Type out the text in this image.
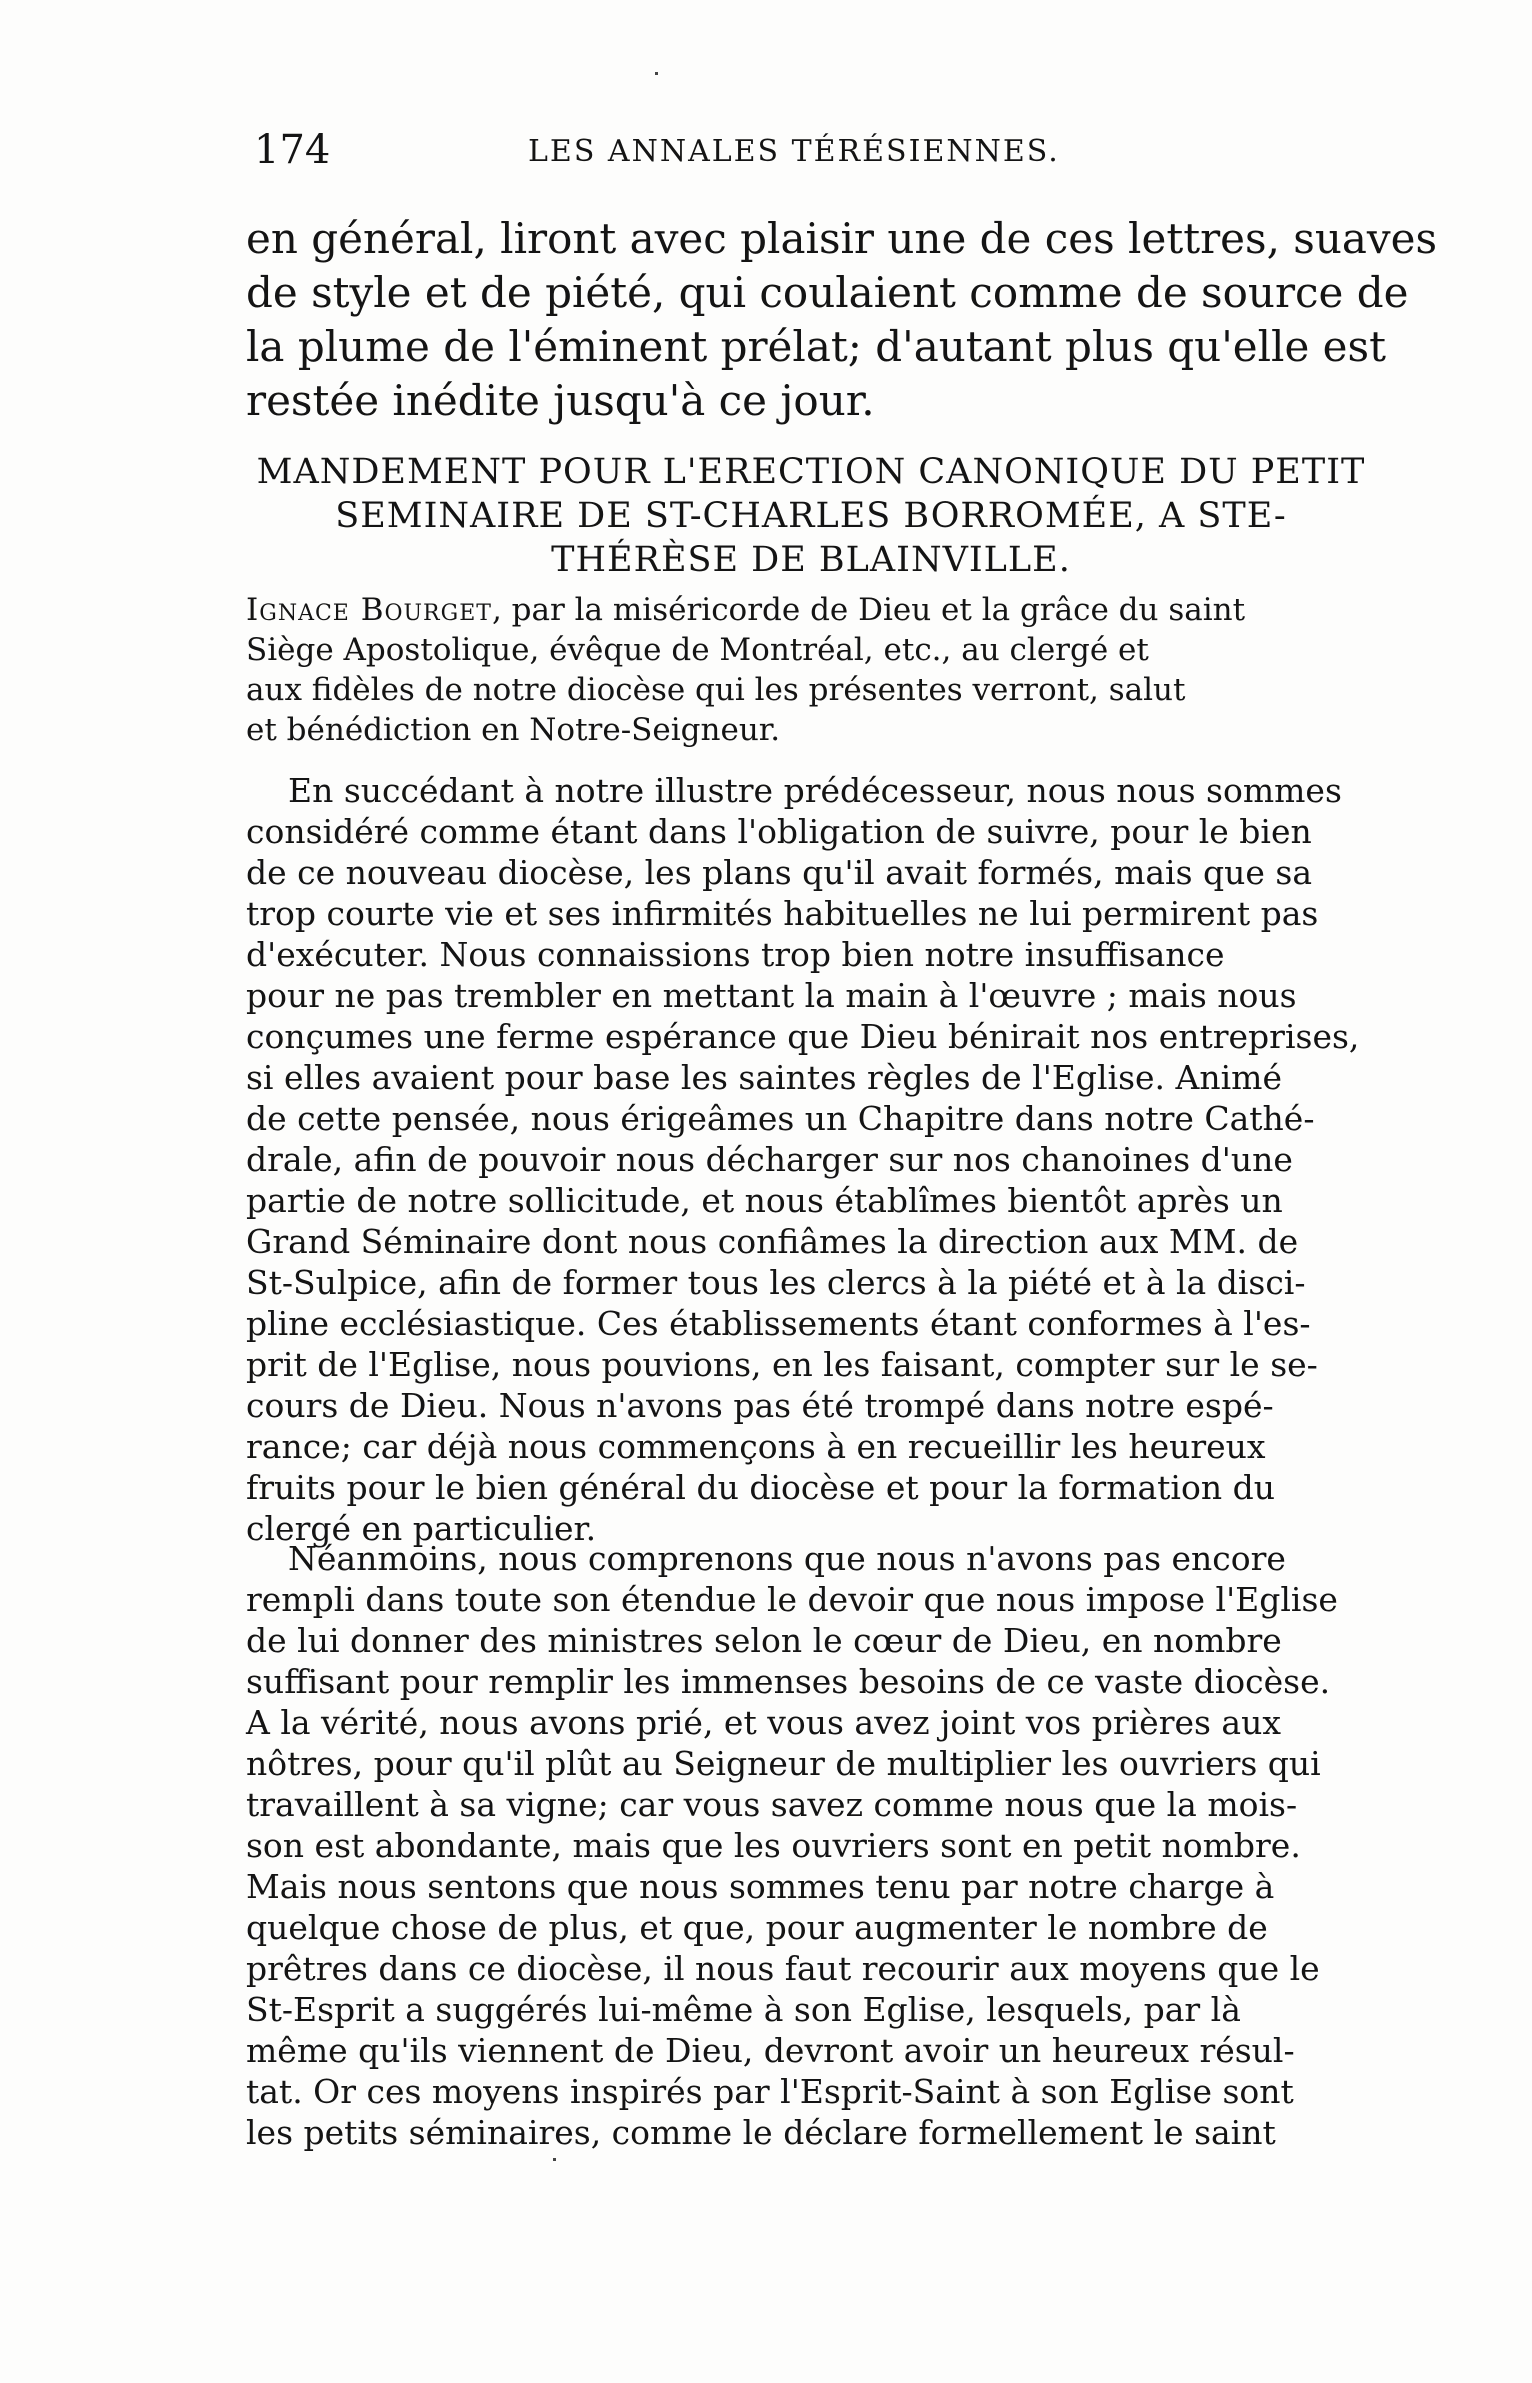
174	LES ANNALES TÉRÉSIENNES.
en général, liront avec plaisir une de ces lettres, suaves
de style et de piété, qui coulaient comme de source de
la plume de l'éminent prélat; d'autant plus qu'elle est
restée inédite jusqu'à ce jour.
MANDEMENT POUR L'ERECTION CANONIQUE DU PETIT
SEMINAIRE DE ST-CHARLES BORROMÉE, A STE-
THÉRÈSE DE BLAINVILLE.
Ignace Bourget, par la miséricorde de Dieu et la grâce du saint
Siège Apostolique, évêque de Montréal, etc., au clergé et
aux fidèles de notre diocèse qui les présentes verront, salut
et bénédiction en Notre-Seigneur.
En succédant à notre illustre prédécesseur, nous nous sommes
considéré comme étant dans l'obligation de suivre, pour le bien
de ce nouveau diocèse, les plans qu'il avait formés, mais que sa
trop courte vie et ses infirmités habituelles ne lui permirent pas
d'exécuter. Nous connaissions trop bien notre insuffisance
pour ne pas trembler en mettant la main à l'œuvre ; mais nous
conçumes une ferme espérance que Dieu bénirait nos entreprises,
si elles avaient pour base les saintes règles de l'Eglise. Animé
de cette pensée, nous érigeâmes un Chapitre dans notre Cathé-
drale, afin de pouvoir nous décharger sur nos chanoines d'une
partie de notre sollicitude, et nous établîmes bientôt après un
Grand Séminaire dont nous confiâmes la direction aux MM. de
St-Sulpice, afin de former tous les clercs à la piété et à la disci-
pline ecclésiastique. Ces établissements étant conformes à l'es-
prit de l'Eglise, nous pouvions, en les faisant, compter sur le se-
cours de Dieu. Nous n'avons pas été trompé dans notre espé-
rance; car déjà nous commençons à en recueillir les heureux
fruits pour le bien général du diocèse et pour la formation du
clergé en particulier.
Néanmoins, nous comprenons que nous n'avons pas encore
rempli dans toute son étendue le devoir que nous impose l'Eglise
de lui donner des ministres selon le cœur de Dieu, en nombre
suffisant pour remplir les immenses besoins de ce vaste diocèse.
A la vérité, nous avons prié, et vous avez joint vos prières aux
nôtres, pour qu'il plût au Seigneur de multiplier les ouvriers qui
travaillent à sa vigne; car vous savez comme nous que la mois-
son est abondante, mais que les ouvriers sont en petit nombre.
Mais nous sentons que nous sommes tenu par notre charge à
quelque chose de plus, et que, pour augmenter le nombre de
prêtres dans ce diocèse, il nous faut recourir aux moyens que le
St-Esprit a suggérés lui-même à son Eglise, lesquels, par là
même qu'ils viennent de Dieu, devront avoir un heureux résul-
tat. Or ces moyens inspirés par l'Esprit-Saint à son Eglise sont
les petits séminaires, comme le déclare formellement le saint
